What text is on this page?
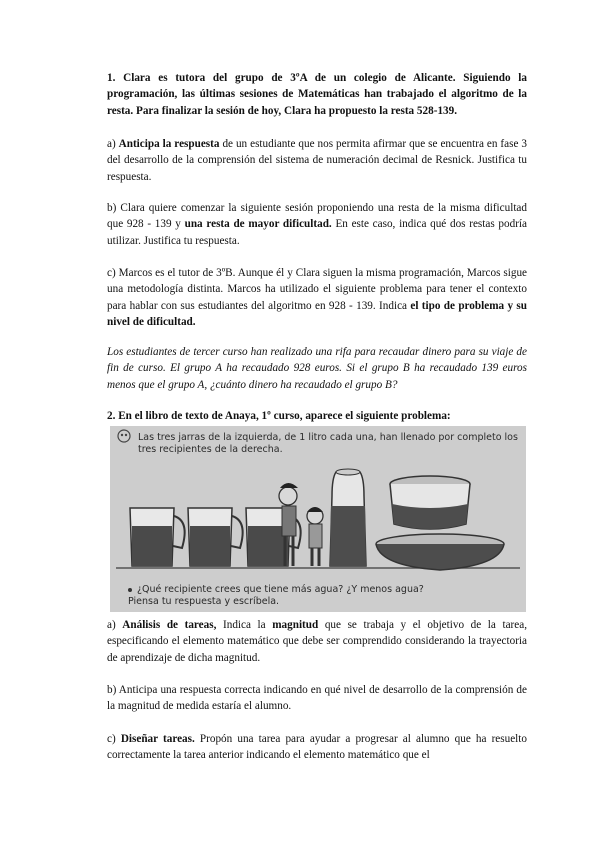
1. Clara es tutora del grupo de 3ºA de un colegio de Alicante. Siguiendo la programación, las últimas sesiones de Matemáticas han trabajado el algoritmo de la resta. Para finalizar la sesión de hoy, Clara ha propuesto la resta 528-139.

a) Anticipa la respuesta de un estudiante que nos permita afirmar que se encuentra en fase 3 del desarrollo de la comprensión del sistema de numeración decimal de Resnick. Justifica tu respuesta.

b) Clara quiere comenzar la siguiente sesión proponiendo una resta de la misma dificultad que 928 - 139 y una resta de mayor dificultad. En este caso, indica qué dos restas podría utilizar. Justifica tu respuesta.

c) Marcos es el tutor de 3ºB. Aunque él y Clara siguen la misma programación, Marcos sigue una metodología distinta. Marcos ha utilizado el siguiente problema para tener el contexto para hablar con sus estudiantes del algoritmo en 928 - 139. Indica el tipo de problema y su nivel de dificultad.

Los estudiantes de tercer curso han realizado una rifa para recaudar dinero para su viaje de fin de curso. El grupo A ha recaudado 928 euros. Si el grupo B ha recaudado 139 euros menos que el grupo A, ¿cuánto dinero ha recaudado el grupo B?

2. En el libro de texto de Anaya, 1º curso, aparece el siguiente problema:

Las tres jarras de la izquierda, de 1 litro cada una, han llenado por completo los tres recipientes de la derecha.
¿Qué recipiente crees que tiene más agua? ¿Y menos agua? Piensa tu respuesta y escríbela.

a) Análisis de tareas, Indica la magnitud que se trabaja y el objetivo de la tarea, especificando el elemento matemático que debe ser comprendido considerando la trayectoria de aprendizaje de dicha magnitud.

b) Anticipa una respuesta correcta indicando en qué nivel de desarrollo de la comprensión de la magnitud de medida estaría el alumno.

c) Diseñar tareas. Propón una tarea para ayudar a progresar al alumno que ha resuelto correctamente la tarea anterior indicando el elemento matemático que el
